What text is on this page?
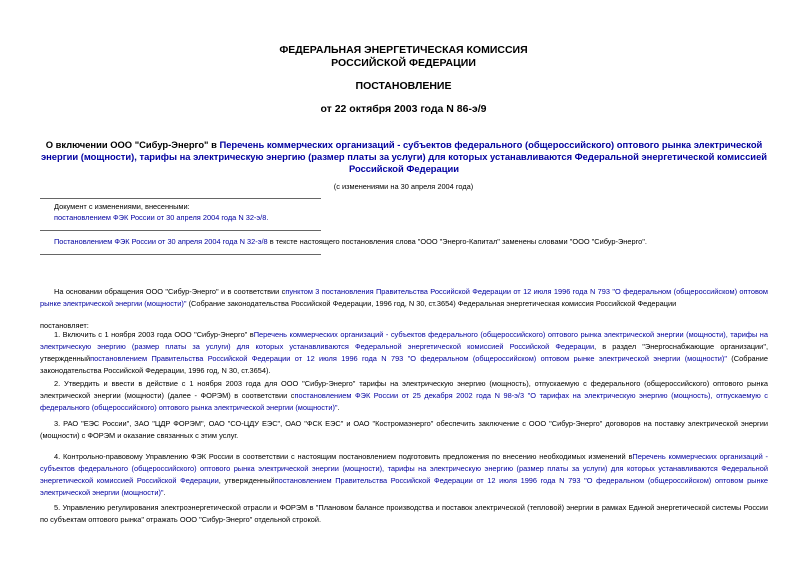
ФЕДЕРАЛЬНАЯ ЭНЕРГЕТИЧЕСКАЯ КОМИССИЯ
РОССИЙСКОЙ ФЕДЕРАЦИИ
ПОСТАНОВЛЕНИЕ
от 22 октября 2003 года N 86-э/9
О включении ООО "Сибур-Энерго" в Перечень коммерческих организаций - субъектов федерального (общероссийского) оптового рынка электрической энергии (мощности), тарифы на электрическую энергию (размер платы за услуги) для которых устанавливаются Федеральной энергетической комиссией Российской Федерации
(с изменениями на 30 апреля 2004 года)
Документ с изменениями, внесенными:
постановлением ФЭК России от 30 апреля 2004 года N 32-э/8.
Постановлением ФЭК России от 30 апреля 2004 года N 32-э/8 в тексте настоящего постановления слова "ООО "Энерго-Капитал" заменены словами "ООО "Сибур-Энерго".
На основании обращения ООО "Сибур-Энерго" и в соответствии спунктом 3 постановления Правительства Российской Федерации от 12 июля 1996 года N 793 "О федеральном (общероссийском) оптовом рынке электрической энергии (мощности)" (Собрание законодательства Российской Федерации, 1996 год, N 30, ст.3654) Федеральная энергетическая комиссия Российской Федерации
постановляет:
1. Включить с 1 ноября 2003 года ООО "Сибур-Энерго" вПеречень коммерческих организаций - субъектов федерального (общероссийского) оптового рынка электрической энергии (мощности), тарифы на электрическую энергию (размер платы за услуги) для которых устанавливаются Федеральной энергетической комиссией Российской Федерации, в раздел "Энергоснабжающие организации", утвержденныйпостановлением Правительства Российской Федерации от 12 июля 1996 года N 793 "О федеральном (общероссийском) оптовом рынке электрической энергии (мощности)" (Собрание законодательства Российской Федерации, 1996 год, N 30, ст.3654).
2. Утвердить и ввести в действие с 1 ноября 2003 года для ООО "Сибур-Энерго" тарифы на электрическую энергию (мощность), отпускаемую с федерального (общероссийского) оптового рынка электрической энергии (мощности) (далее - ФОРЭМ) в соответствии спостановлением ФЭК России от 25 декабря 2002 года N 98-э/3 "О тарифах на электрическую энергию (мощность), отпускаемую с федерального (общероссийского) оптового рынка электрической энергии (мощности)".
3. РАО "ЕЭС России", ЗАО "ЦДР ФОРЭМ", ОАО "СО-ЦДУ ЕЭС", ОАО "ФСК ЕЭС" и ОАО "Костромаэнерго" обеспечить заключение с ООО "Сибур-Энерго" договоров на поставку электрической энергии (мощности) с ФОРЭМ и оказание связанных с этим услуг.
4. Контрольно-правовому Управлению ФЭК России в соответствии с настоящим постановлением подготовить предложения по внесению необходимых изменений вПеречень коммерческих организаций - субъектов федерального (общероссийского) оптового рынка электрической энергии (мощности), тарифы на электрическую энергию (размер платы за услуги) для которых устанавливаются Федеральной энергетической комиссией Российской Федерации, утвержденныйпостановлением Правительства Российской Федерации от 12 июля 1996 года N 793 "О федеральном (общероссийском) оптовом рынке электрической энергии (мощности)".
5. Управлению регулирования электроэнергетической отрасли и ФОРЭМ в "Плановом балансе производства и поставок электрической (тепловой) энергии в рамках Единой энергетической системы России по субъектам оптового рынка" отражать ООО "Сибур-Энерго" отдельной строкой.
